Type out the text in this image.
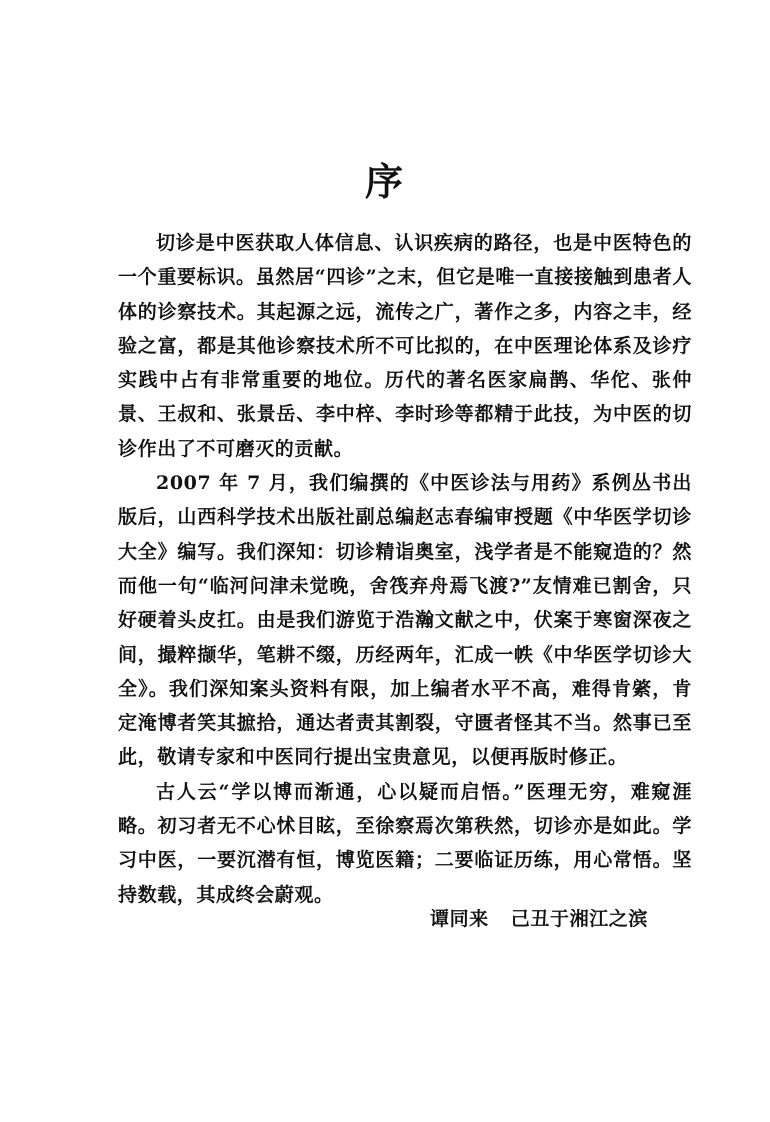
序

切诊是中医获取人体信息、认识疾病的路径，也是中医特色的一个重要标识。虽然居“四诊”之末，但它是唯一直接接触到患者人体的诊察技术。其起源之远，流传之广，著作之多，内容之丰，经验之富，都是其他诊察技术所不可比拟的，在中医理论体系及诊疗实践中占有非常重要的地位。历代的著名医家扁鹊、华佗、张仲景、王叔和、张景岳、李中梓、李时珍等都精于此技，为中医的切诊作出了不可磨灭的贡献。

2007 年 7 月，我们编撰的《中医诊法与用药》系例丛书出版后，山西科学技术出版社副总编赵志春编审授题《中华医学切诊大全》编写。我们深知：切诊精诣奥室，浅学者是不能窥造的？然而他一句“临河问津未觉晚，舍筏弃舟焉飞渡?”友情难已割舍，只好硬着头皮扛。由是我们游览于浩瀚文献之中，伏案于寒窗深夜之间，撮粹撷华，笔耕不缀，历经两年，汇成一帙《中华医学切诊大全》。我们深知案头资料有限，加上编者水平不高，难得肯綮，肯定淹博者笑其摭拾，通达者责其割裂，守匮者怪其不当。然事已至此，敬请专家和中医同行提出宝贵意见，以便再版时修正。

古人云“学以博而渐通，心以疑而启悟。”医理无穷，难窥涯略。初习者无不心怵目眩，至徐察焉次第秩然，切诊亦是如此。学习中医，一要沉潜有恒，博览医籍；二要临证历练，用心常悟。坚持数载，其成终会蔚观。

谭同来 己丑于湘江之滨
